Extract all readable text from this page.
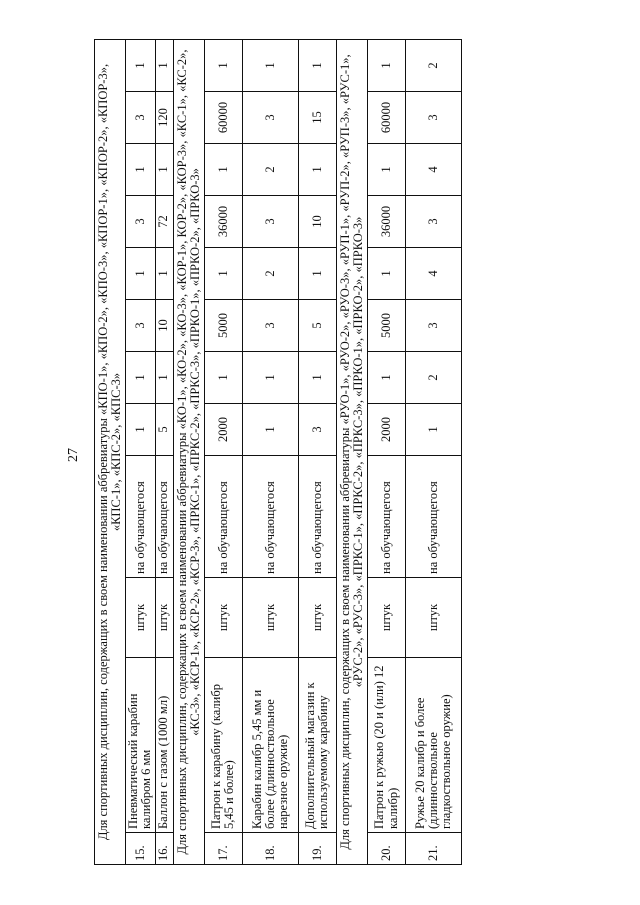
27 Для спортивных дисциплин, содержащих в своем наименовании аббревиатуры «КПО-1», «КПО-2», «КПО-3», «КПОР-1», «КПОР-2», «КПОР-3», «КПС-1», «КПС-2», «КПС-3»											
15.	Пневматический карабин калибром 6 мм	штук	на обучающегося	1	1	3	1	3	1	3	1
16.	Баллон с газом (1000 мл)	штук	на обучающегося	5	1	10	1	72	1	120	1
Для спортивных дисциплин, содержащих в своем наименовании аббревиатуры «КО-1», «КО-2», «КО-3», «КОР-1», КОР-2», «КОР-3», «КС-1», «КС-2», «КС-3», «КСР-1», «КСР-2», «КСР-3», «ПРКС-1», «ПРКС-2», «ПРКС-3», «ПРКО-1», «ПРКО-2», «ПРКО-3»											
17.	Патрон к карабину (калибр 5,45 и более)	штук	на обучающегося	2000	1	5000	1	36000	1	60000	1
18.	Карабин калибр 5,45 мм и более (длинноствольное нарезное оружие)	штук	на обучающегося	1	1	3	2	3	2	3	1
19.	Дополнительный магазин к используемому карабину	штук	на обучающегося	3	1	5	1	10	1	15	1
Для спортивных дисциплин, содержащих в своем наименовании аббревиатуры «РУО-1», «РУО-2», «РУО-3», «РУП-1», «РУП-2», «РУП-3», «РУС-1», «РУС-2», «РУС-3», «ПРКС-1», «ПРКС-2», «ПРКС-3», «ПРКО-1», «ПРКО-2», «ПРКО-3»											
20.	Патрон к ружью (20 и (или) 12 калибр)	штук	на обучающегося	2000	1	5000	1	36000	1	60000	1
21.	Ружье 20 калибр и более (длинноствольное гладкоствольное оружие)	штук	на обучающегося	1	2	3	4	3	4	3	2
